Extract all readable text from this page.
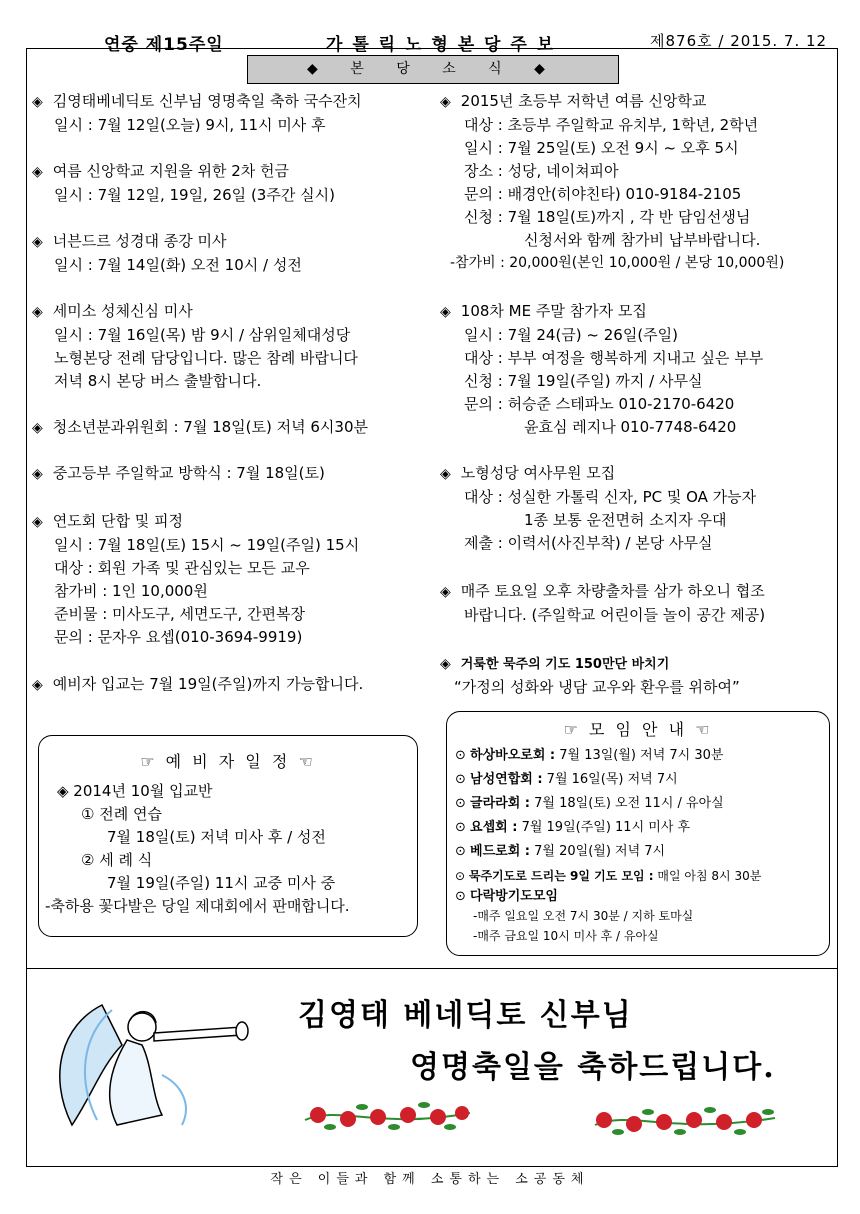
연중 제15주일	가 톨 릭 노 형 본 당 주 보	제876호 / 2015. 7. 12
◆ 본 당 소 식 ◆
◈ 김영태베네딕토 신부님 영명축일 축하 국수잔치
일시 : 7월 12일(오늘) 9시, 11시 미사 후
◈ 여름 신앙학교 지원을 위한 2차 헌금
일시 : 7월 12일, 19일, 26일 (3주간 실시)
◈ 너븐드르 성경대 종강 미사
일시 : 7월 14일(화) 오전 10시 / 성전
◈ 세미소 성체신심 미사
일시 : 7월 16일(목) 밤 9시 / 삼위일체대성당
노형본당 전례 담당입니다. 많은 참례 바랍니다
저녁 8시 본당 버스 출발합니다.
◈ 청소년분과위원회 : 7월 18일(토) 저녁 6시30분
◈ 중고등부 주일학교 방학식 : 7월 18일(토)
◈ 연도회 단합 및 피정
일시 : 7월 18일(토) 15시 ~ 19일(주일) 15시
대상 : 회원 가족 및 관심있는 모든 교우
참가비 : 1인 10,000원
준비물 : 미사도구, 세면도구, 간편복장
문의 : 문자우 요셉(010-3694-9919)
◈ 예비자 입교는 7월 19일(주일)까지 가능합니다.
◈ 2015년 초등부 저학년 여름 신앙학교
대상 : 초등부 주일학교 유치부, 1학년, 2학년
일시 : 7월 25일(토) 오전 9시 ~ 오후 5시
장소 : 성당, 네이쳐피아
문의 : 배경안(히야친타) 010-9184-2105
신청 : 7월 18일(토)까지 , 각 반 담임선생님
신청서와 함께 참가비 납부바랍니다.
-참가비 : 20,000원(본인 10,000원 / 본당 10,000원)
◈ 108차 ME 주말 참가자 모집
일시 : 7월 24(금) ~ 26일(주일)
대상 : 부부 여정을 행복하게 지내고 싶은 부부
신청 : 7월 19일(주일) 까지 / 사무실
문의 : 허승준 스테파노 010-2170-6420
윤효심 레지나 010-7748-6420
◈ 노형성당 여사무원 모집
대상 : 성실한 가톨릭 신자, PC 및 OA 가능자
1종 보통 운전면허 소지자 우대
제출 : 이력서(사진부착) / 본당 사무실
◈ 매주 토요일 오후 차량출차를 삼가 하오니 협조
바랍니다. (주일학교 어린이들 놀이 공간 제공)
◈ 거룩한 묵주의 기도 150만단 바치기
“가정의 성화와 냉담 교우와 환우를 위하여”
☞ 예 비 자 일 정 ☜
◈ 2014년 10월 입교반
① 전례 연습
7월 18일(토) 저녁 미사 후 / 성전
② 세 례 식
7월 19일(주일) 11시 교중 미사 중
-축하용 꽃다발은 당일 제대회에서 판매합니다.
☞ 모 임 안 내 ☜
⊙ 하상바오로회 : 7월 13일(월) 저녁 7시 30분
⊙ 남성연합회 : 7월 16일(목) 저녁 7시
⊙ 글라라회 : 7월 18일(토) 오전 11시 / 유아실
⊙ 요셉회 : 7월 19일(주일) 11시 미사 후
⊙ 베드로회 : 7월 20일(월) 저녁 7시
⊙ 묵주기도로 드리는 9일 기도 모임 : 매일 아침 8시 30분
⊙ 다락방기도모임
-매주 일요일 오전 7시 30분 / 지하 토마실
-매주 금요일 10시 미사 후 / 유아실
김영태 베네딕토 신부님
영명축일을 축하드립니다.
작은 이들과 함께 소통하는 소공동체
